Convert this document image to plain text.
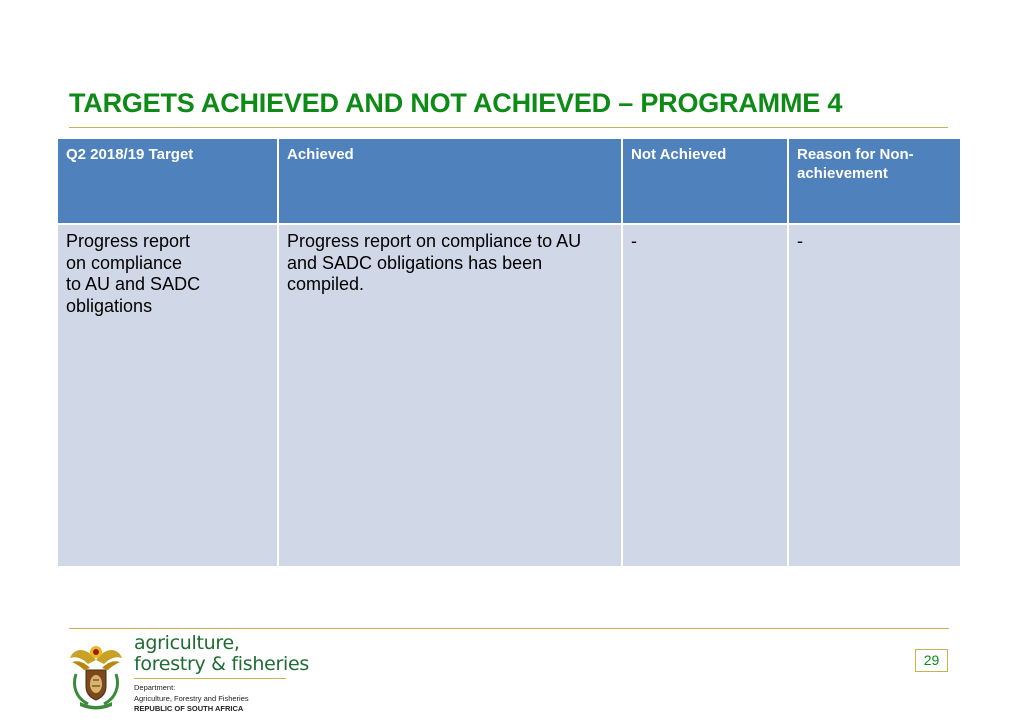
TARGETS ACHIEVED AND NOT ACHIEVED – PROGRAMME 4
Q2 2018/19 Target	Achieved	Not Achieved	Reason for Non-achievement
Progress report
on compliance
to AU and SADC
obligations	Progress report on compliance to AU and SADC obligations has been compiled.	-	-
agriculture,
forestry & fisheries
Department:
Agriculture, Forestry and Fisheries
REPUBLIC OF SOUTH AFRICA
29
